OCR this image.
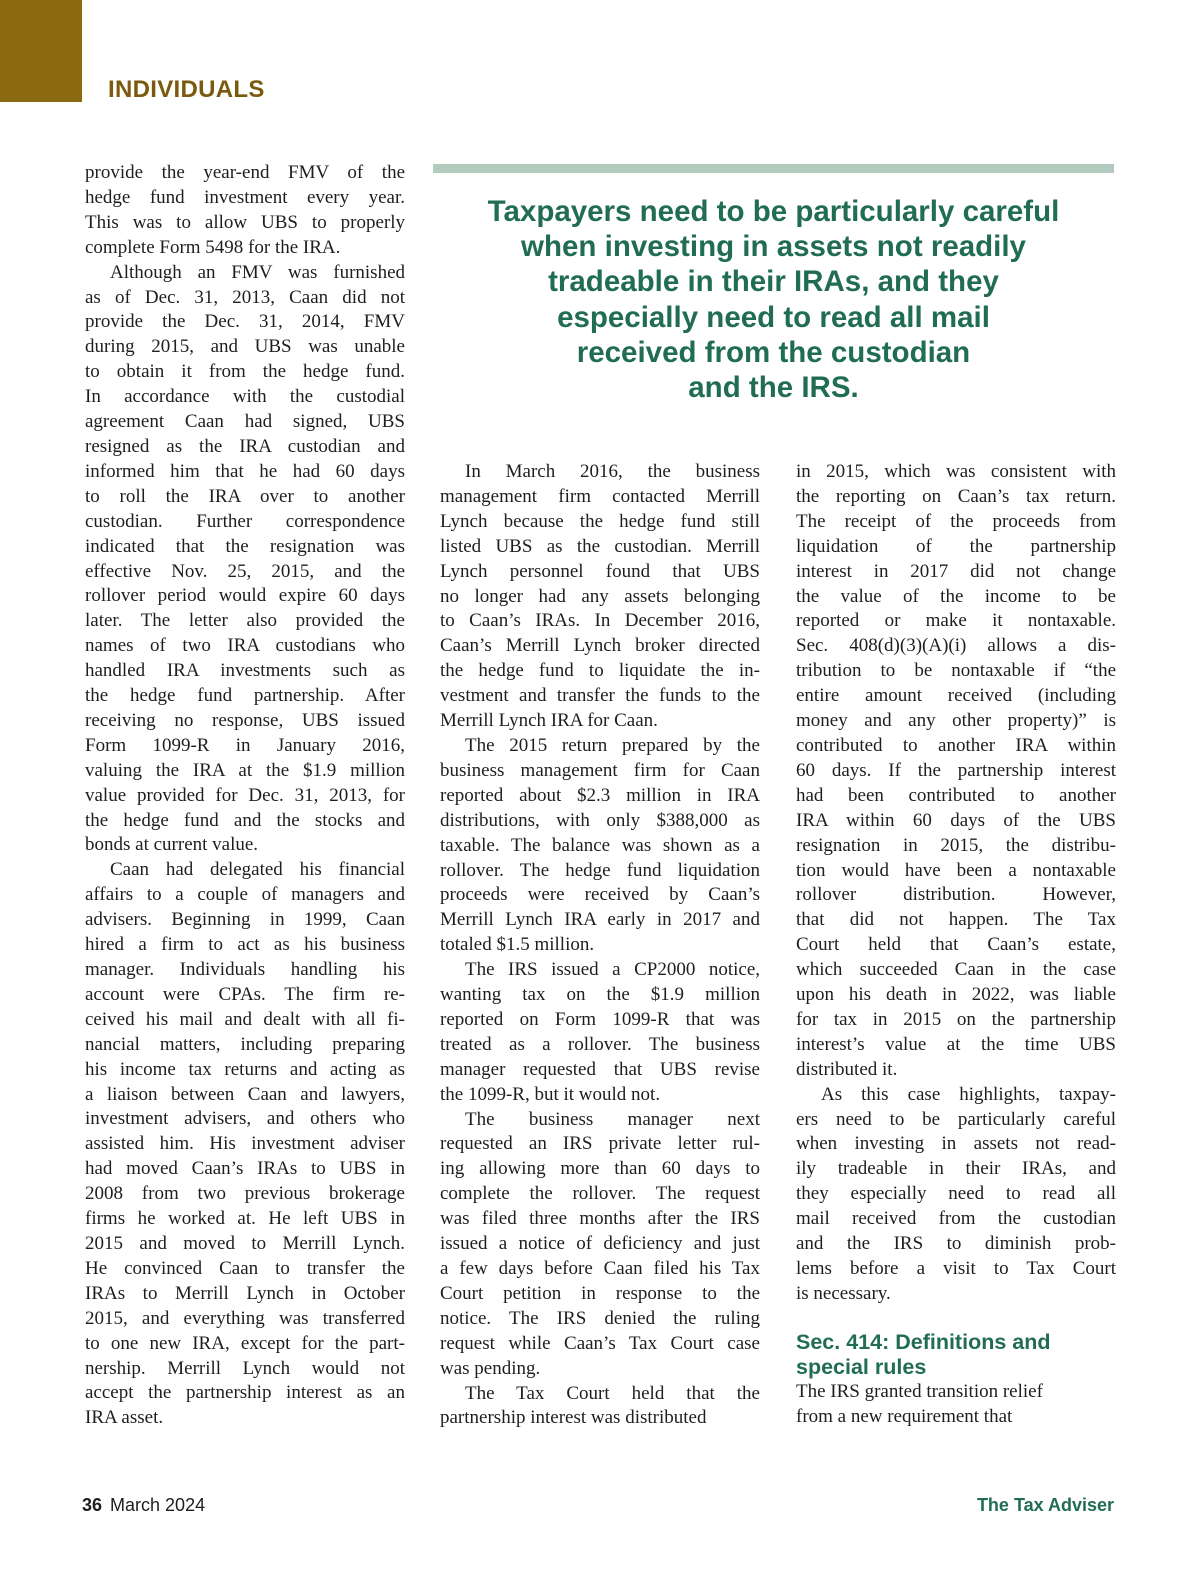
INDIVIDUALS
Taxpayers need to be particularly careful
when investing in assets not readily
tradeable in their IRAs, and they
especially need to read all mail
received from the custodian
and the IRS.

provide the year-end FMV of the
hedge fund investment every year.
This was to allow UBS to properly
complete Form 5498 for the IRA.

Although an FMV was furnished
as of Dec. 31, 2013, Caan did not
provide the Dec. 31, 2014, FMV
during 2015, and UBS was unable
to obtain it from the hedge fund.
In accordance with the custodial
agreement Caan had signed, UBS
resigned as the IRA custodian and
informed him that he had 60 days
to roll the IRA over to another
custodian. Further correspondence
indicated that the resignation was
effective Nov. 25, 2015, and the
rollover period would expire 60 days
later. The letter also provided the
names of two IRA custodians who
handled IRA investments such as
the hedge fund partnership. After
receiving no response, UBS issued
Form 1099-R in January 2016,
valuing the IRA at the $1.9 million
value provided for Dec. 31, 2013, for
the hedge fund and the stocks and
bonds at current value.

Caan had delegated his financial
affairs to a couple of managers and
advisers. Beginning in 1999, Caan
hired a firm to act as his business
manager. Individuals handling his
account were CPAs. The firm re-
ceived his mail and dealt with all fi-
nancial matters, including preparing
his income tax returns and acting as
a liaison between Caan and lawyers,
investment advisers, and others who
assisted him. His investment adviser
had moved Caan’s IRAs to UBS in
2008 from two previous brokerage
firms he worked at. He left UBS in
2015 and moved to Merrill Lynch.
He convinced Caan to transfer the
IRAs to Merrill Lynch in October
2015, and everything was transferred
to one new IRA, except for the part-
nership. Merrill Lynch would not
accept the partnership interest as an
IRA asset.

In March 2016, the business
management firm contacted Merrill
Lynch because the hedge fund still
listed UBS as the custodian. Merrill
Lynch personnel found that UBS
no longer had any assets belonging
to Caan’s IRAs. In December 2016,
Caan’s Merrill Lynch broker directed
the hedge fund to liquidate the in-
vestment and transfer the funds to the
Merrill Lynch IRA for Caan.

The 2015 return prepared by the
business management firm for Caan
reported about $2.3 million in IRA
distributions, with only $388,000 as
taxable. The balance was shown as a
rollover. The hedge fund liquidation
proceeds were received by Caan’s
Merrill Lynch IRA early in 2017 and
totaled $1.5 million.

The IRS issued a CP2000 notice,
wanting tax on the $1.9 million
reported on Form 1099-R that was
treated as a rollover. The business
manager requested that UBS revise
the 1099-R, but it would not.

The business manager next
requested an IRS private letter rul-
ing allowing more than 60 days to
complete the rollover. The request
was filed three months after the IRS
issued a notice of deficiency and just
a few days before Caan filed his Tax
Court petition in response to the
notice. The IRS denied the ruling
request while Caan’s Tax Court case
was pending.

The Tax Court held that the
partnership interest was distributed

in 2015, which was consistent with
the reporting on Caan’s tax return.
The receipt of the proceeds from
liquidation of the partnership
interest in 2017 did not change
the value of the income to be
reported or make it nontaxable.
Sec. 408(d)(3)(A)(i) allows a dis-
tribution to be nontaxable if “the
entire amount received (including
money and any other property)” is
contributed to another IRA within
60 days. If the partnership interest
had been contributed to another
IRA within 60 days of the UBS
resignation in 2015, the distribu-
tion would have been a nontaxable
rollover distribution. However,
that did not happen. The Tax
Court held that Caan’s estate,
which succeeded Caan in the case
upon his death in 2022, was liable
for tax in 2015 on the partnership
interest’s value at the time UBS
distributed it.

As this case highlights, taxpay-
ers need to be particularly careful
when investing in assets not read-
ily tradeable in their IRAs, and
they especially need to read all
mail received from the custodian
and the IRS to diminish prob-
lems before a visit to Tax Court
is necessary.

Sec. 414: Definitions and
special rules

The IRS granted transition relief
from a new requirement that

36 March 2024	The Tax Adviser
